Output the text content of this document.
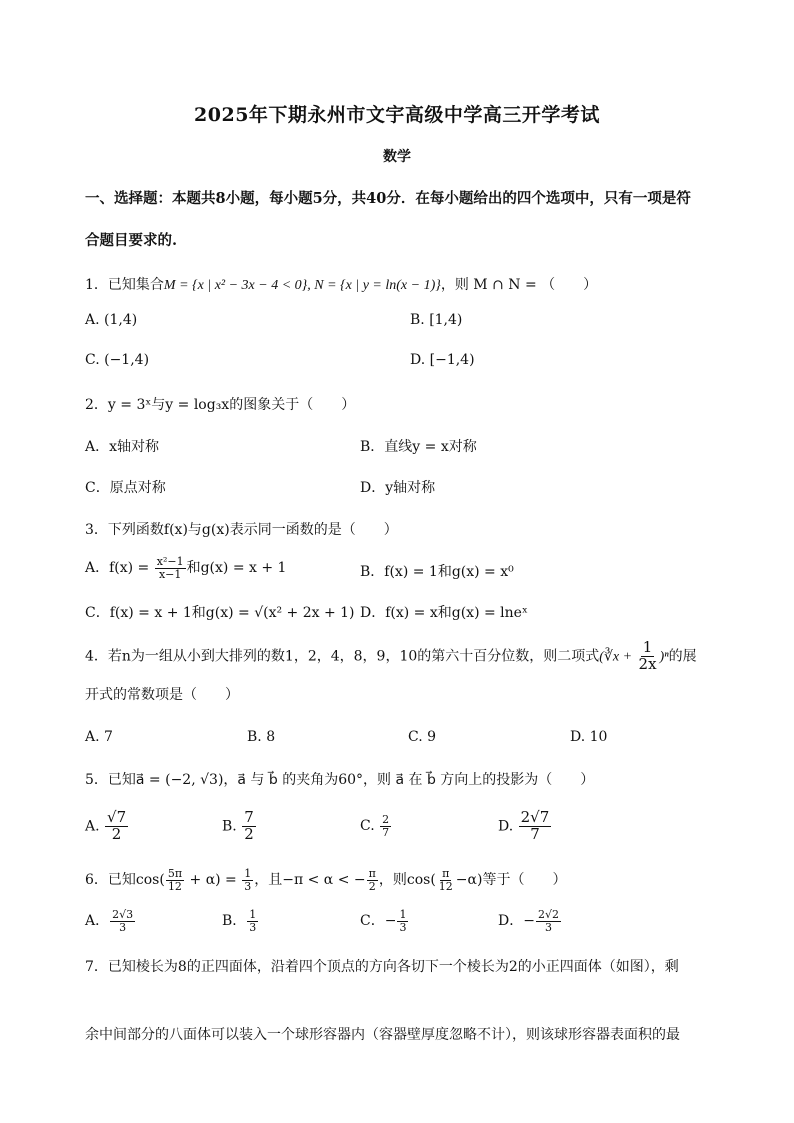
2025年下期永州市文宇高级中学高三开学考试
数学
一、选择题：本题共8小题，每小题5分，共40分．在每小题给出的四个选项中，只有一项是符
合题目要求的.
1．已知集合M = {x | x² − 3x − 4 < 0}, N = {x | y = ln(x − 1)}，则 M ∩ N = （　　）
A. (1,4)	B. [1,4)
C. (−1,4)	D. [−1,4)
2．y = 3ˣ与y = log₃x的图象关于（　　）
A．x轴对称	B．直线y = x对称
C．原点对称	D．y轴对称
3．下列函数f(x)与g(x)表示同一函数的是（　　）
A．$f(x) = \frac{\text{x²−1}}{x-1}$ 和g(x) = x + 1	B．f(x) = 1和g(x) = x⁰
C．f(x) = x + 1和g(x) = √(x² + 2x + 1) D．f(x) = x和g(x) = lneˣ
4．若n为一组从小到大排列的数1，2，4，8，9，10的第六十百分位数，则二项式(∛x + $\frac{1}{2x} )^n$的展
开式的常数项是（　　）
A. 7	B. 8	C. 9	D. 10
5．已知a⃗ = (−2, √3)，a⃗ 与 b⃗ 的夹角为60°，则 a⃗ 在 b⃗ 方向上的投影为（　　）
A. $\frac{√7}{2}$	B. $\frac{7}{2}$	C. $\frac{2}{7}$	D. $\frac{2√7}{7}$
6．已知$\cos( \frac{5\pi}{12} + \alpha) = \frac{1}{3}$ ，且−π < α < − $\frac{\pi}{2}$ ，则$\cos( \frac{\pi}{12} -\alpha)$等于（　　）
A． $\frac{2√3}{3}$	B． $\frac{1}{3}$	C．− $\frac{1}{3}$	D．− $\frac{2√2}{3}$
7．已知棱长为8的正四面体，沿着四个顶点的方向各切下一个棱长为2的小正四面体（如图），剩
余中间部分的八面体可以装入一个球形容器内（容器壁厚度忽略不计），则该球形容器表面积的最
